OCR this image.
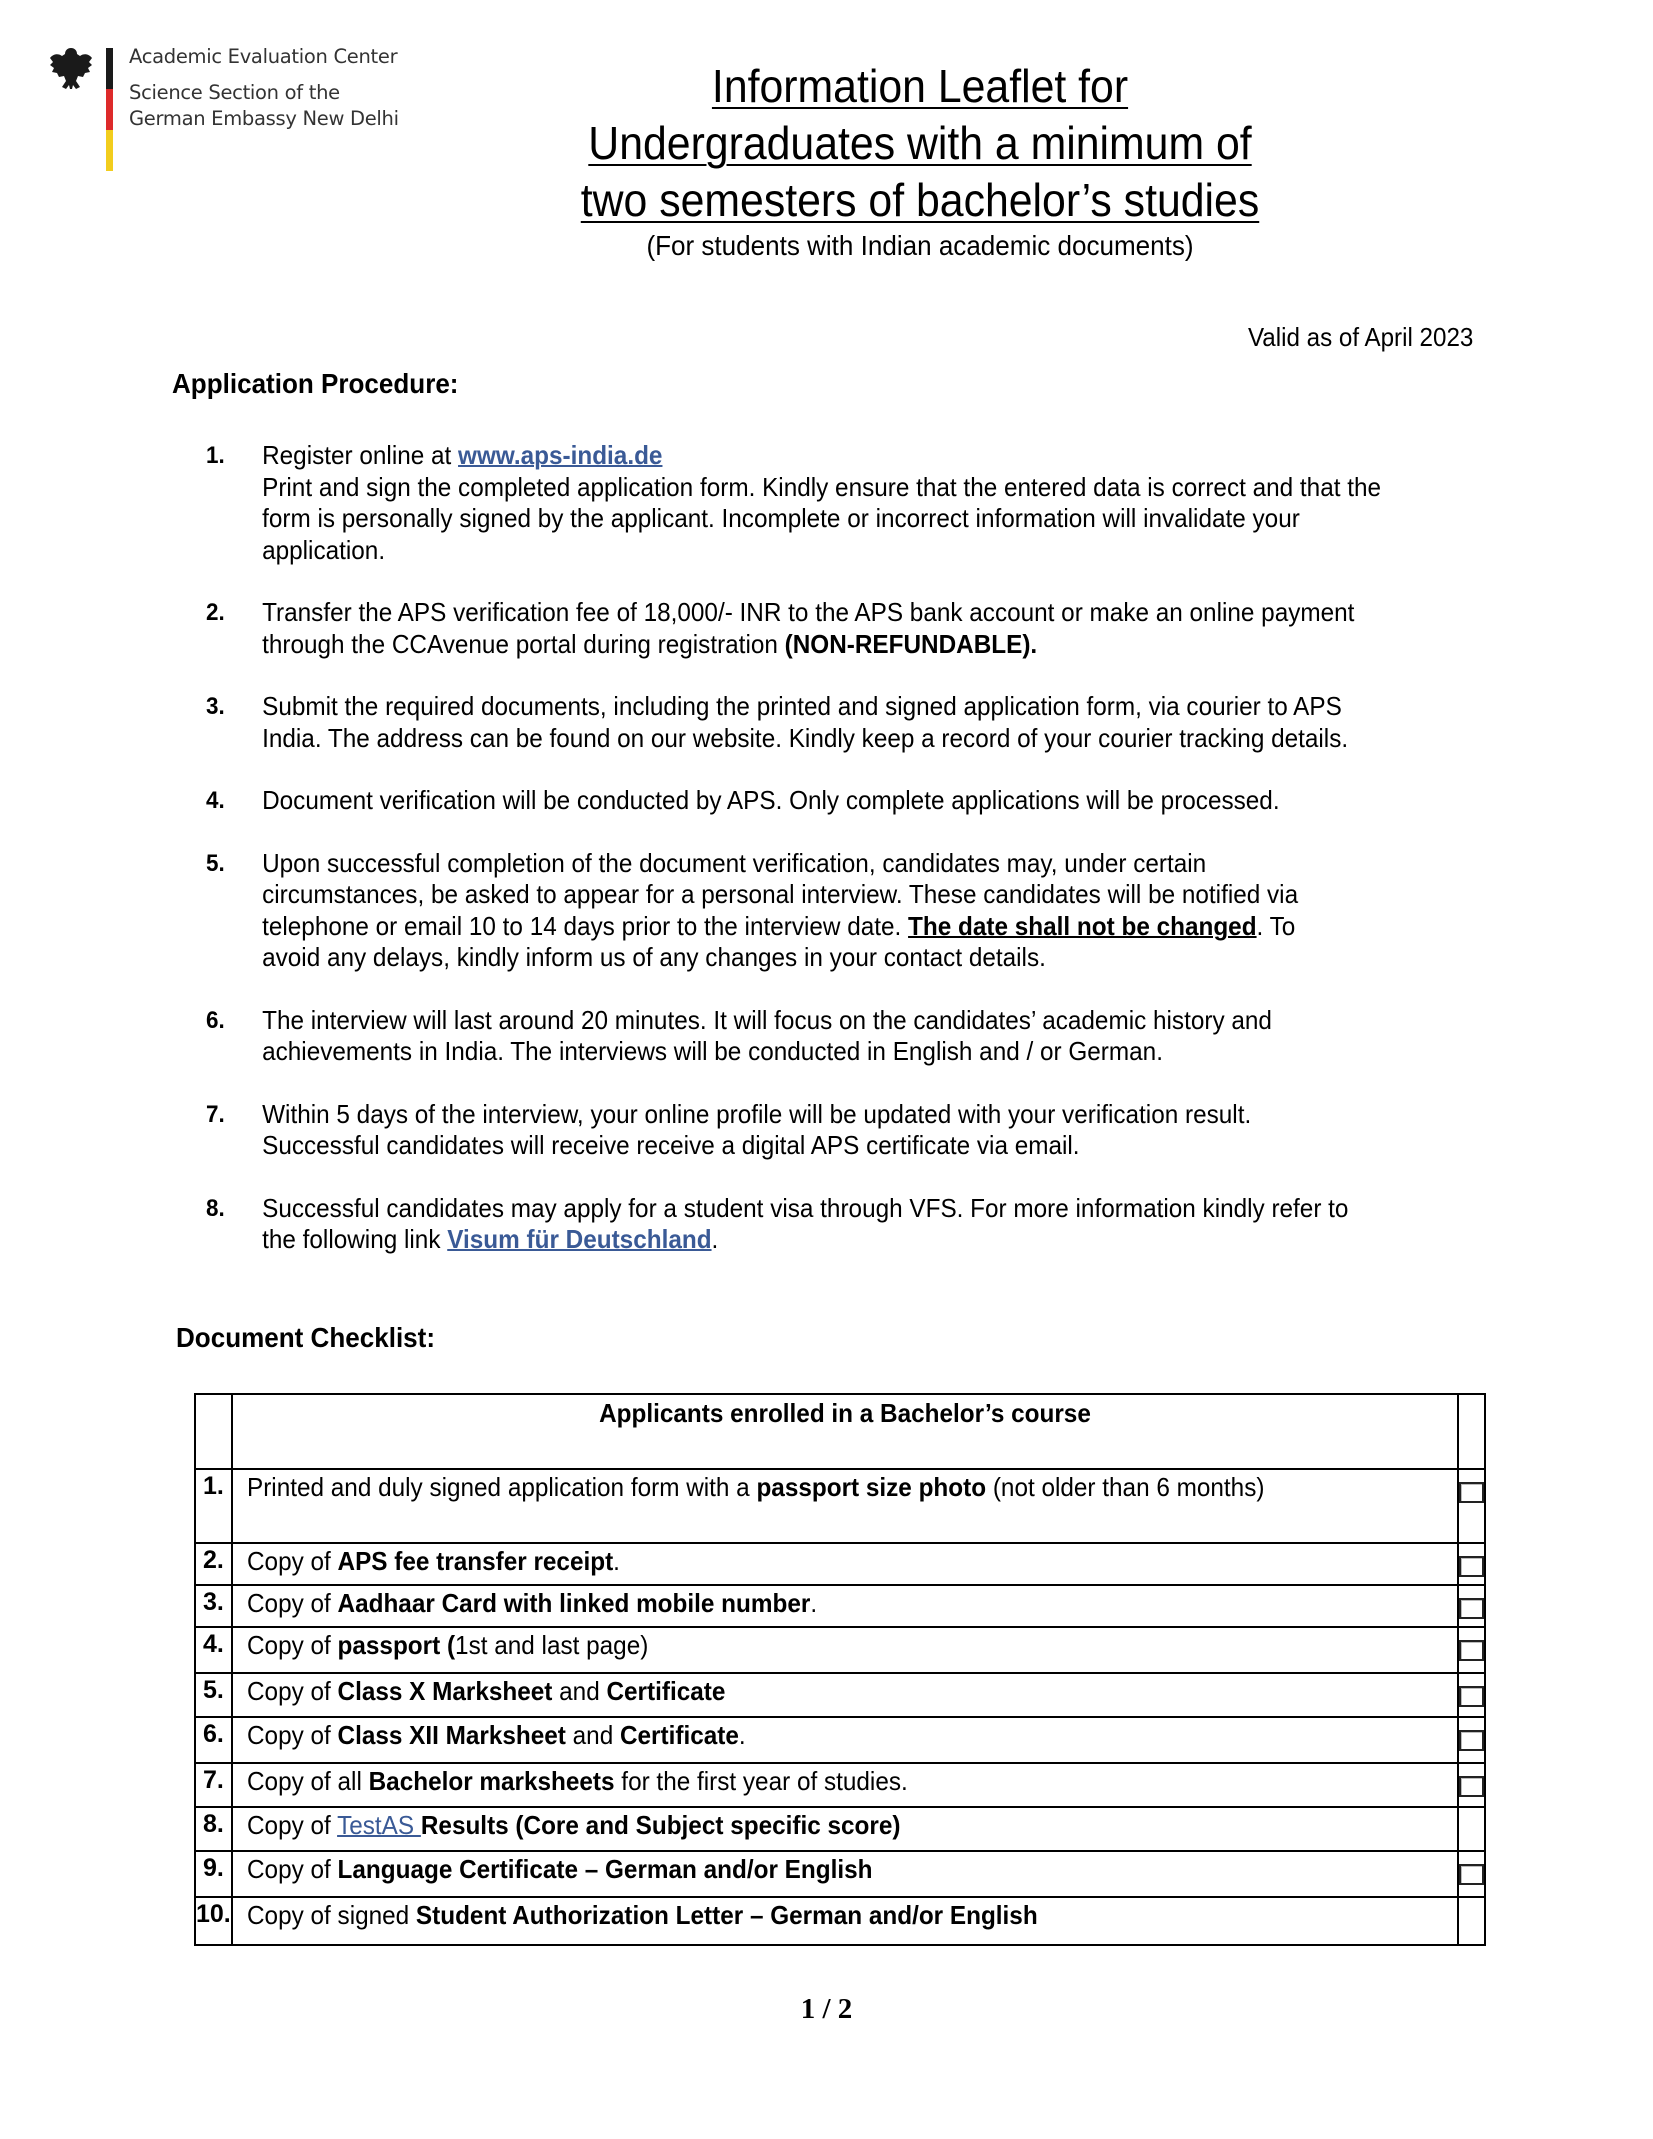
Academic Evaluation Center
Science Section of the
German Embassy New Delhi
Information Leaflet for
Undergraduates with a minimum of
two semesters of bachelor’s studies
(For students with Indian academic documents)
Valid as of April 2023
Application Procedure:
1. Register online at www.aps-india.de
Print and sign the completed application form. Kindly ensure that the entered data is correct and that the form is personally signed by the applicant. Incomplete or incorrect information will invalidate your application.
2. Transfer the APS verification fee of 18,000/- INR to the APS bank account or make an online payment through the CCAvenue portal during registration (NON-REFUNDABLE).
3. Submit the required documents, including the printed and signed application form, via courier to APS India. The address can be found on our website. Kindly keep a record of your courier tracking details.
4. Document verification will be conducted by APS. Only complete applications will be processed.
5. Upon successful completion of the document verification, candidates may, under certain circumstances, be asked to appear for a personal interview. These candidates will be notified via telephone or email 10 to 14 days prior to the interview date. The date shall not be changed. To avoid any delays, kindly inform us of any changes in your contact details.
6. The interview will last around 20 minutes. It will focus on the candidates’ academic history and achievements in India. The interviews will be conducted in English and / or German.
7. Within 5 days of the interview, your online profile will be updated with your verification result. Successful candidates will receive receive a digital APS certificate via email.
8. Successful candidates may apply for a student visa through VFS. For more information kindly refer to the following link Visum für Deutschland.
Document Checklist:
	Applicants enrolled in a Bachelor’s course	
1.	Printed and duly signed application form with a passport size photo (not older than 6 months)	
2.	Copy of APS fee transfer receipt.	
3.	Copy of Aadhaar Card with linked mobile number.	
4.	Copy of passport (1st and last page)	
5.	Copy of Class X Marksheet and Certificate	
6.	Copy of Class XII Marksheet and Certificate.	
7.	Copy of all Bachelor marksheets for the first year of studies.	
8.	Copy of TestAS Results (Core and Subject specific score)	
9.	Copy of Language Certificate – German and/or English	
10.	Copy of signed Student Authorization Letter – German and/or English	
1 / 2
